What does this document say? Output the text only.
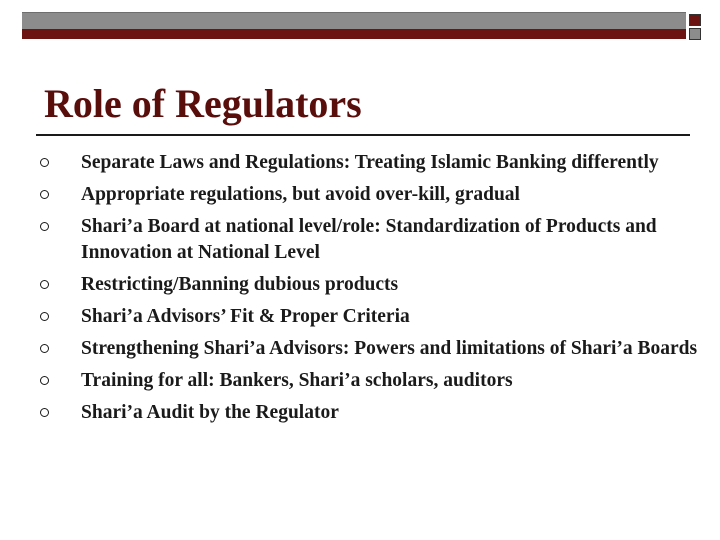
Role of Regulators
Separate Laws and Regulations: Treating Islamic Banking differently
Appropriate regulations, but avoid over-kill, gradual
Shari’a Board at national level/role: Standardization of Products and Innovation at National Level
Restricting/Banning dubious products
Shari’a Advisors’ Fit & Proper Criteria
Strengthening Shari’a Advisors: Powers and limitations of Shari’a Boards
Training for all: Bankers, Shari’a scholars, auditors
Shari’a Audit by the Regulator
